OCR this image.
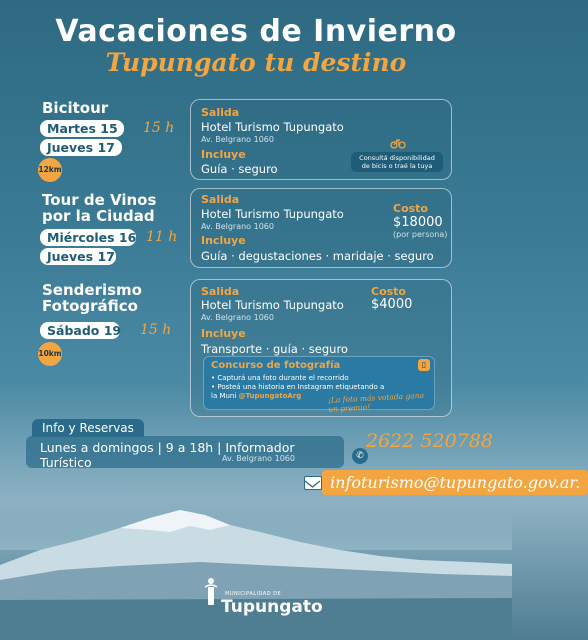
Vacaciones de Invierno
Tupungato tu destino
Bicitour
Martes 15	15 h
Jueves 17
12km
Salida
Hotel Turismo Tupungato
Av. Belgrano 1060
Incluye
Guía · seguro
Consultá disponibilidad
de bicis o traé la tuya
Tour de Vinos
por la Ciudad
Miércoles 16 11 h
Jueves 17
Salida
Hotel Turismo Tupungato
Av. Belgrano 1060
Incluye
Guía · degustaciones · maridaje · seguro
Costo
$18000
(por persona)
Senderismo
Fotográfico
Sábado 19 15 h
10km
Salida
Hotel Turismo Tupungato
Av. Belgrano 1060
Incluye
Transporte · guía · seguro
Costo
$4000
Concurso de fotografía	▯
• Capturá una foto durante el recorrido
• Posteá una historia en Instagram etiquetando a
la Muni @TupungatoArg	¡La foto más votada gana un premio!
Info y Reservas
Lunes a domingos | 9 a 18h | Informador Turístico	Av. Belgrano 1060
2622 520788
✆
infoturismo@tupungato.gov.ar.
MUNICIPALIDAD DE
Tupungato
